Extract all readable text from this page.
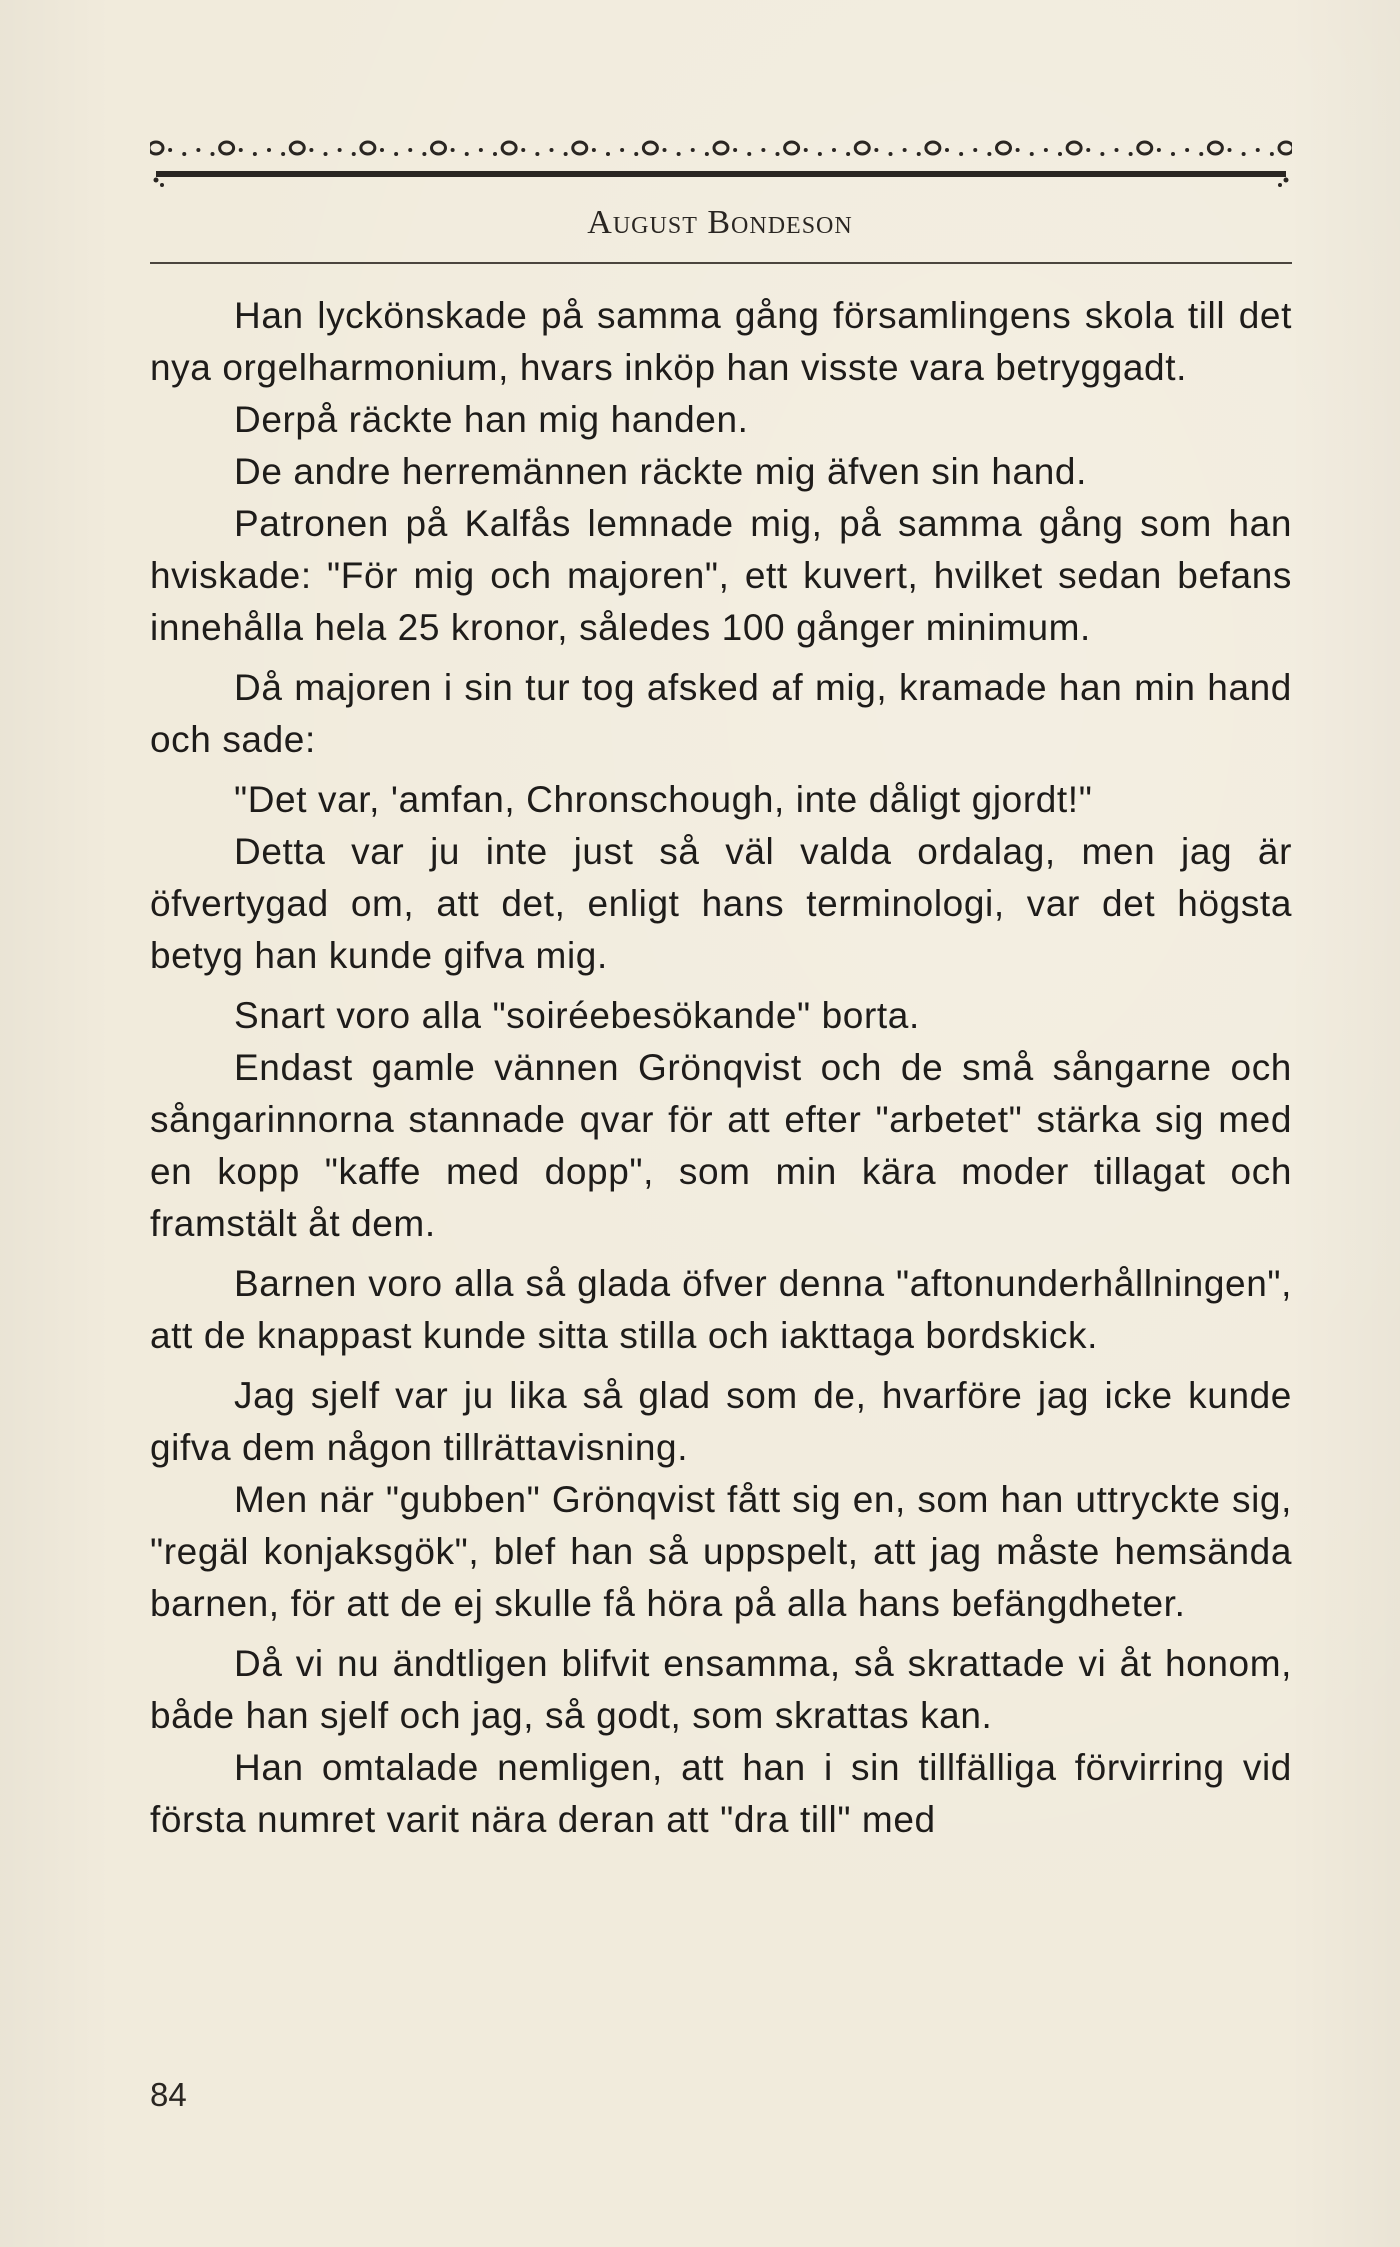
August Bondeson

Han lyckönskade på samma gång församlingens skola till det nya orgelharmonium, hvars inköp han visste vara betryggadt.

Derpå räckte han mig handen.

De andre herremännen räckte mig äfven sin hand.

Patronen på Kalfås lemnade mig, på samma gång som han hviskade: "För mig och majoren", ett kuvert, hvilket sedan befans innehålla hela 25 kronor, således 100 gånger minimum.

Då majoren i sin tur tog afsked af mig, kramade han min hand och sade:

"Det var, 'amfan, Chronschough, inte dåligt gjordt!"

Detta var ju inte just så väl valda ordalag, men jag är öfvertygad om, att det, enligt hans terminologi, var det högsta betyg han kunde gifva mig.

Snart voro alla "soiréebesökande" borta.

Endast gamle vännen Grönqvist och de små sångarne och sångarinnorna stannade qvar för att efter "arbetet" stärka sig med en kopp "kaffe med dopp", som min kära moder tillagat och framstält åt dem.

Barnen voro alla så glada öfver denna "aftonunderhållningen", att de knappast kunde sitta stilla och iakttaga bordskick.

Jag sjelf var ju lika så glad som de, hvarföre jag icke kunde gifva dem någon tillrättavisning.

Men när "gubben" Grönqvist fått sig en, som han uttryckte sig, "regäl konjaksgök", blef han så uppspelt, att jag måste hemsända barnen, för att de ej skulle få höra på alla hans befängdheter.

Då vi nu ändtligen blifvit ensamma, så skrattade vi åt honom, både han sjelf och jag, så godt, som skrattas kan.

Han omtalade nemligen, att han i sin tillfälliga förvirring vid första numret varit nära deran att "dra till" med

84
